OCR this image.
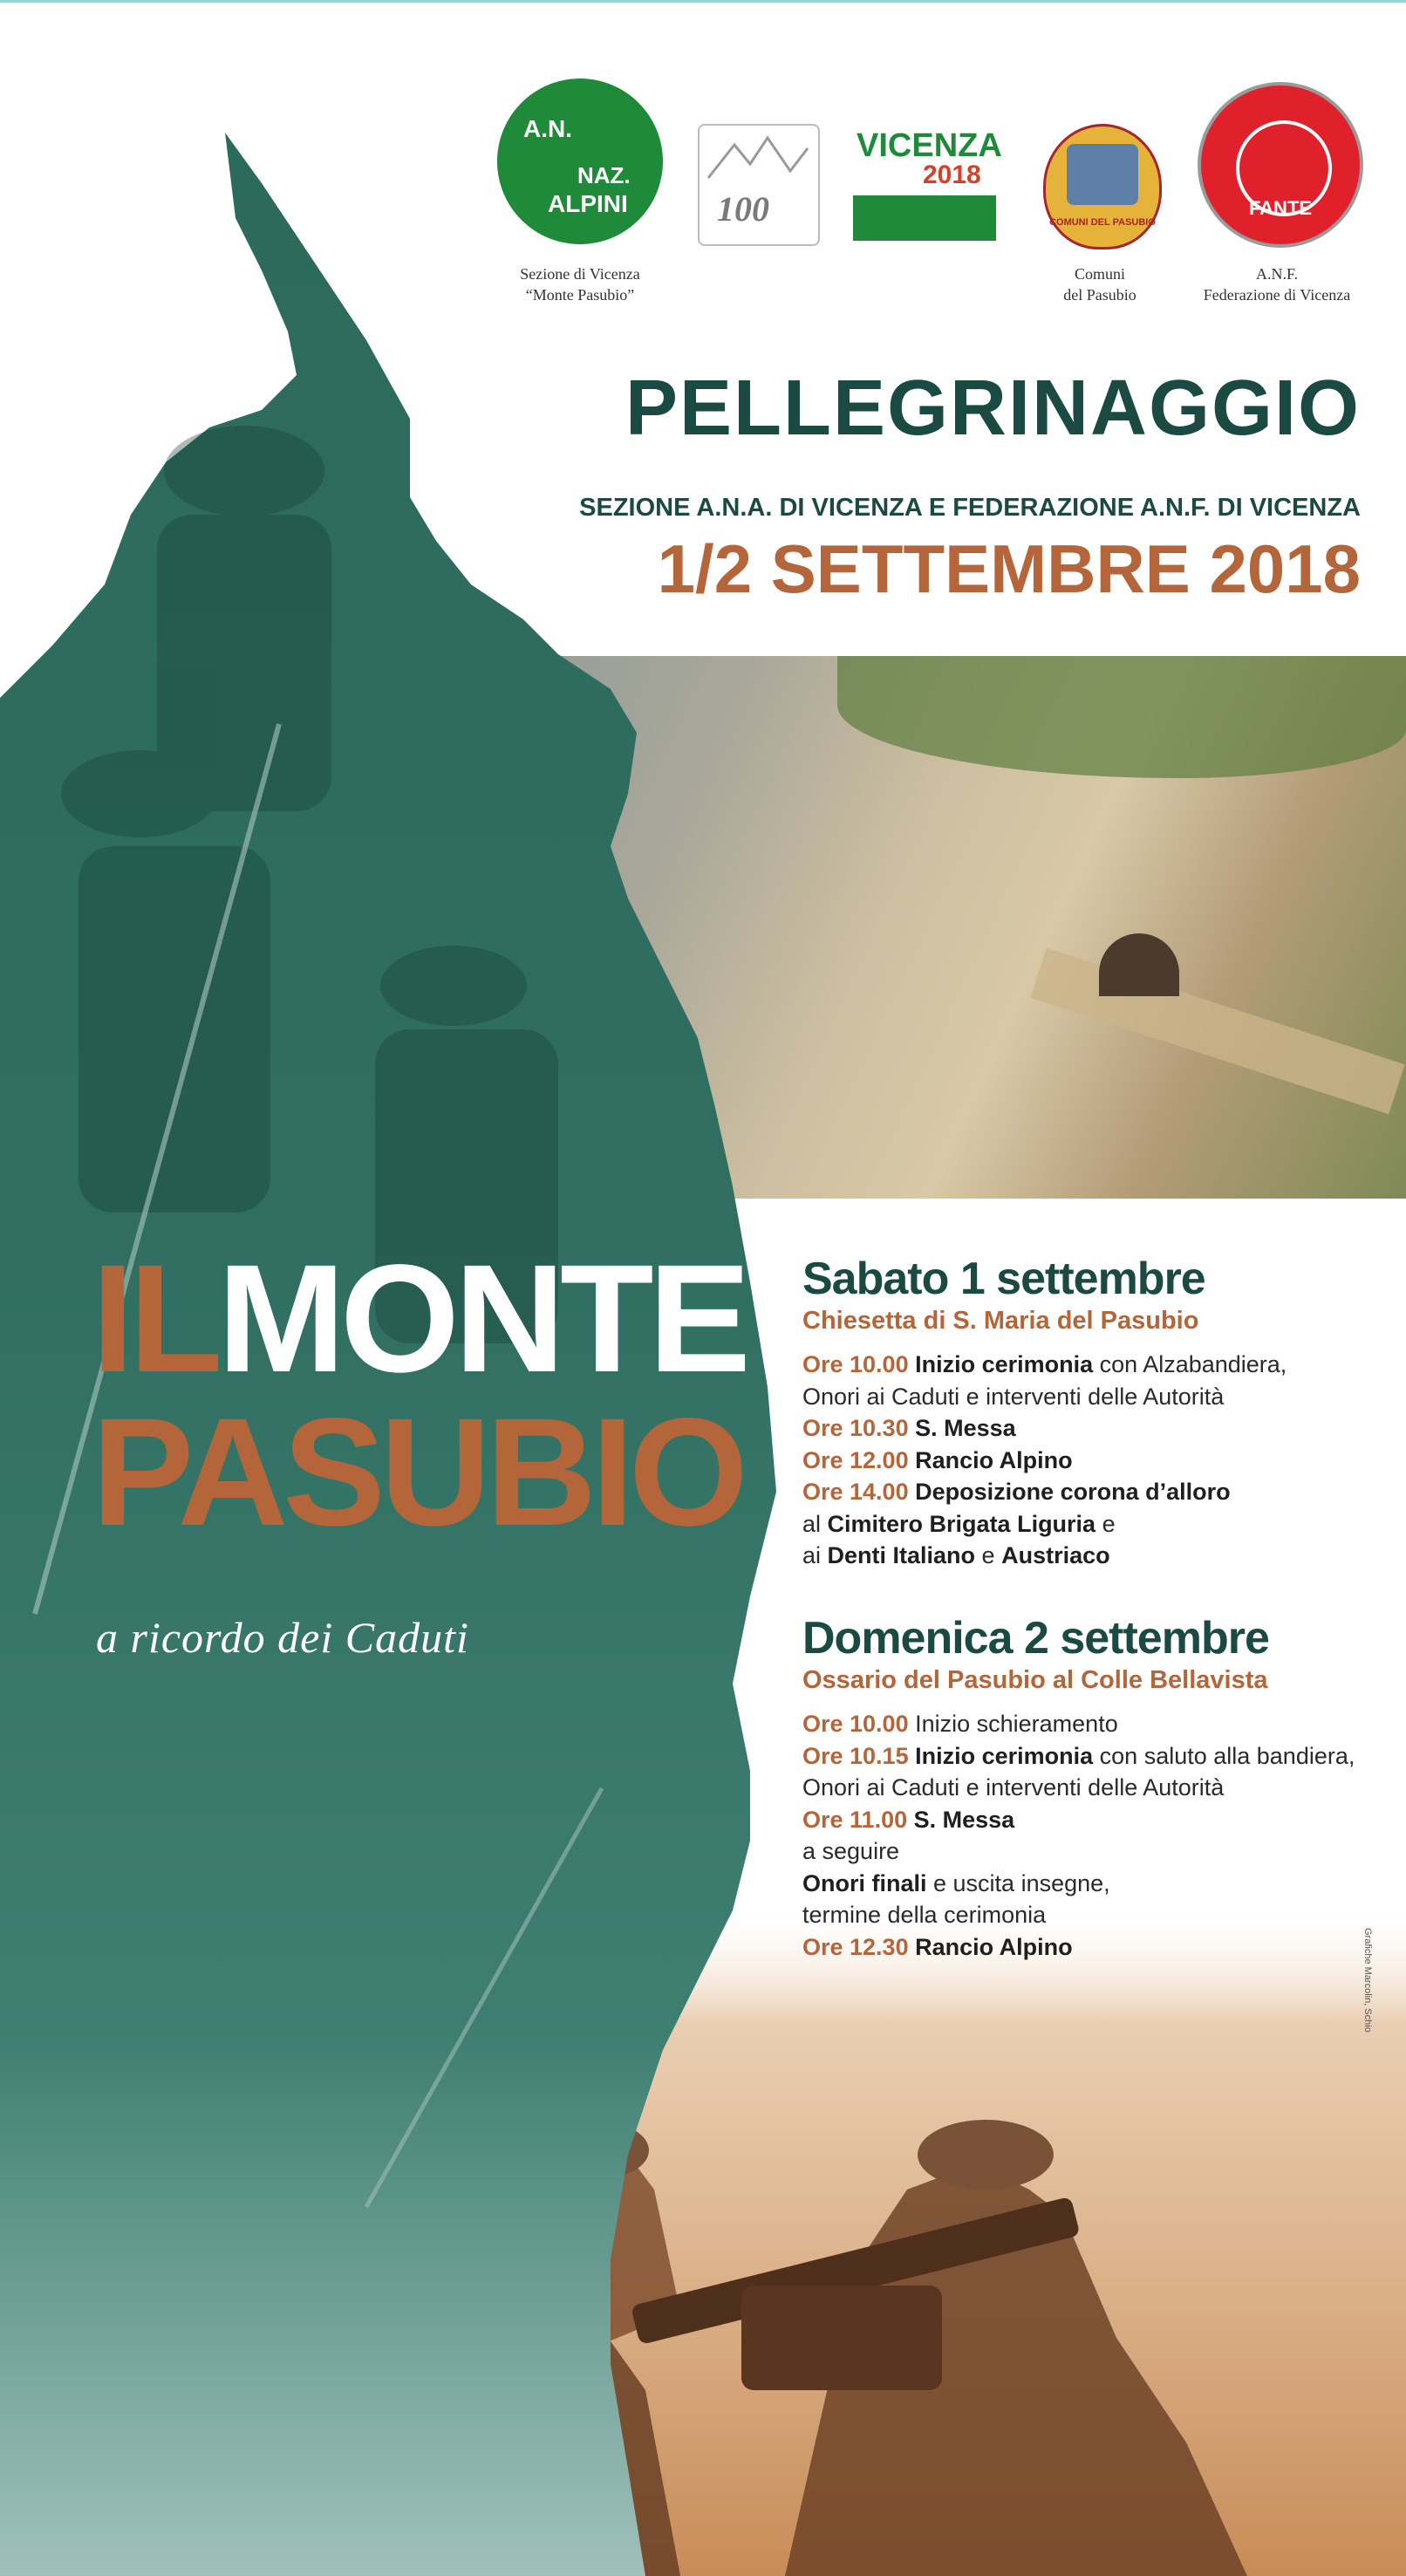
A.N.
NAZ.
ALPINI
Sezione di Vicenza
“Monte Pasubio”
100
VICENZA
2018
COMUNI DEL PASUBIO
Comuni
del Pasubio
FANTE
A.N.F.
Federazione di Vicenza
PELLEGRINAGGIO
SEZIONE A.N.A. DI VICENZA E FEDERAZIONE A.N.F. DI VICENZA
1/2 SETTEMBRE 2018
ILMONTE
PASUBIO
a ricordo dei Caduti
Sabato 1 settembre
Chiesetta di S. Maria del Pasubio
Ore 10.00 Inizio cerimonia con Alzabandiera,
Onori ai Caduti e interventi delle Autorità
Ore 10.30 S. Messa
Ore 12.00 Rancio Alpino
Ore 14.00 Deposizione corona d’alloro
al Cimitero Brigata Liguria e
ai Denti Italiano e Austriaco
Domenica 2 settembre
Ossario del Pasubio al Colle Bellavista
Ore 10.00 Inizio schieramento
Ore 10.15 Inizio cerimonia con saluto alla bandiera,
Onori ai Caduti e interventi delle Autorità
Ore 11.00 S. Messa
a seguire
Onori finali e uscita insegne,
termine della cerimonia
Ore 12.30 Rancio Alpino	Grafiche Marcolin, Schio
